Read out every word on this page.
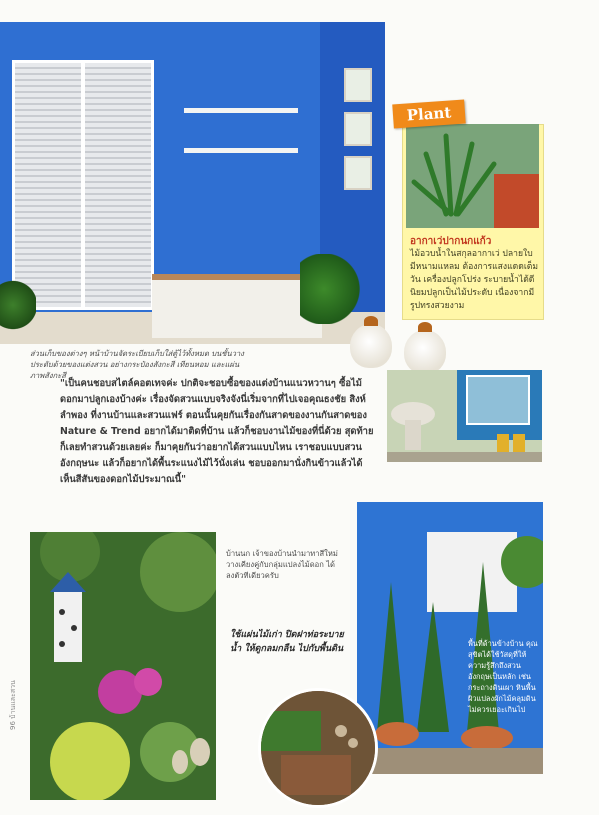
Plant
อากาเว่ปากนกแก้ว
ไม้อวบน้ำในสกุลอากาเว่ ปลายใบมีหนามแหลม ต้องการแสงแดดเต็มวัน เครื่องปลูกโปร่ง ระบายน้ำได้ดี นิยมปลูกเป็นไม้ประดับ เนื่องจากมีรูปทรงสวยงาม
ส่วนเก็บของต่างๆ หน้าบ้านจัดระเบียบเก็บใส่ตู้ไว้ทั้งหมด บนชั้นวางประดับด้วยของแต่งสวน อย่างกระป๋องสังกะสี เทียนหอม และแผ่นภาพสังกะสี
"เป็นคนชอบสไตล์คอตเทจค่ะ ปกติจะชอบซื้อของแต่งบ้านแนวหวานๆ ซื้อไม้ดอกมาปลูกเองบ้างค่ะ เรื่องจัดสวนแบบจริงจังนี่เริ่มจากที่ไปเจอคุณธงชัย สิงห์ลำพอง ที่งานบ้านและสวนแฟร์ ตอนนั้นคุยกันเรื่องกันสาดของงานกันสาดของ Nature & Trend อยากได้มาติดที่บ้าน แล้วก็ชอบงานไม้ของที่นี่ด้วย สุดท้ายก็เลยทำสวนด้วยเลยค่ะ ก็มาคุยกันว่าอยากได้สวนแบบไหน เราชอบแบบสวนอังกฤษนะ แล้วก็อยากได้พื้นระแนงไม้ไว้นั่งเล่น ชอบออกมานั่งกินข้าวแล้วได้เห็นสีสันของดอกไม้ประมาณนี้"
บ้านนก เจ้าของบ้านนำมาทาสีใหม่ วางเคียงคู่กับกลุ่มแปลงไม้ดอก ได้ลงตัวทีเดียวครับ
ใช้แผ่นไม้เก่า ปิดฝาท่อระบายน้ำ ให้ดูกลมกลืน ไปกับพื้นดิน
พื้นที่ด้านข้างบ้าน คุณสุขิตได้ใช้วัสดุที่ให้ความรู้สึกถึงสวนอังกฤษเป็นหลัก เช่น กระถางดินเผา หินพื้นผิวแปลงผักไม้คลุมดินไม่ควรเยอะเกินไป
96 บ้านและสวน
